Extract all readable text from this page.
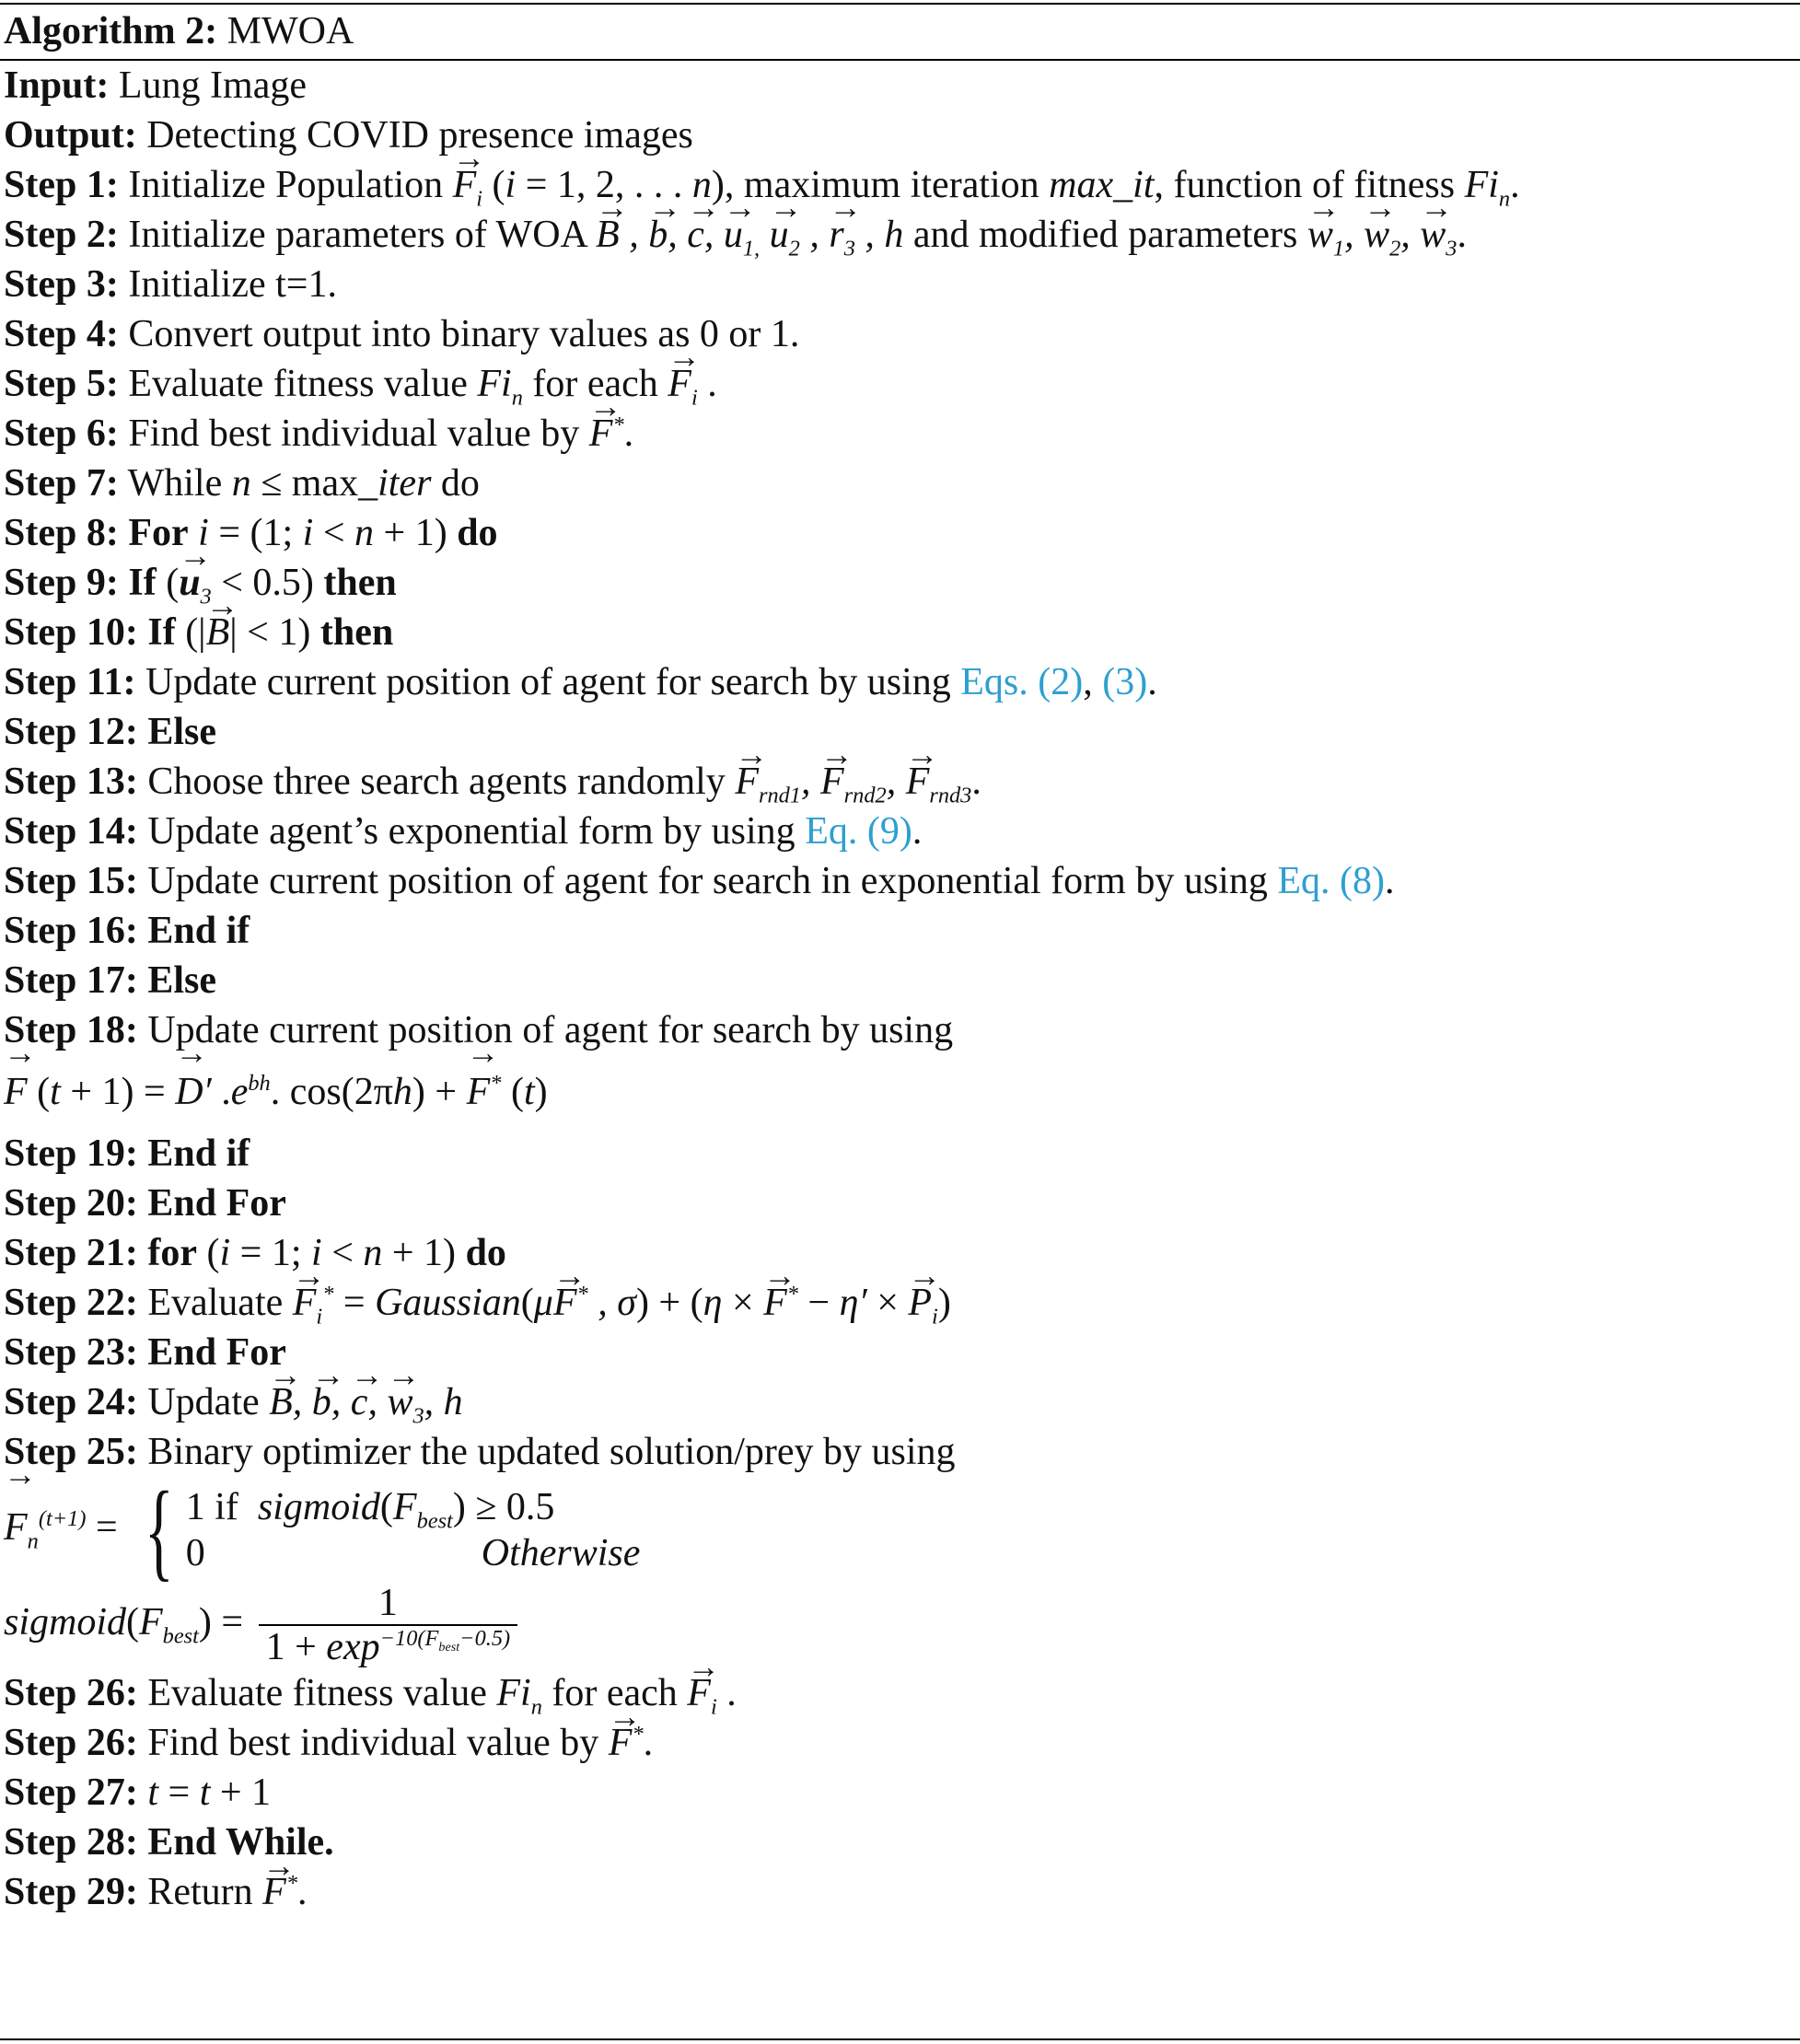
Algorithm 2: MWOA
Input: Lung Image
Output: Detecting COVID presence images
Step 1: Initialize Population $F \to_i$ (i = 1, 2, . . . n), maximum iteration max_it, function of fitness $Fi_n$.
Step 2: Initialize parameters of WOA B → , b →, c →, $u \to_{1,}$ $u \to_2$ , $r \to_3$ , h and modified parameters $w \to_1$, $w \to_2$, $w \to_3$.
Step 3: Initialize t=1.
Step 4: Convert output into binary values as 0 or 1.
Step 5: Evaluate fitness value $Fi_n$ for each $F \to_i$ .
Step 6: Find best individual value by F →*.
Step 7: While n ≤ max_iter do
Step 8: For i = (1; i < n + 1) do
Step 9: If $(u \to_3 < 0.5)$ then
Step 10: If (|B →| < 1) then
Step 11: Update current position of agent for search by using Eqs. (2), (3).
Step 12: Else
Step 13: Choose three search agents randomly $F \to_{rnd1}$, $F \to_{rnd2}$, $F \to_{rnd3}$.
Step 14: Update agent’s exponential form by using Eq. (9).
Step 15: Update current position of agent for search in exponential form by using Eq. (8).
Step 16: End if
Step 17: Else
Step 18: Update current position of agent for search by using
F → (t + 1) = D →′ $.e^{bh}$. cos(2πh) + F →* (t)
Step 19: End if
Step 20: End For
Step 21: for (i = 1; i < n + 1) do
Step 22: Evaluate $F \to_i^*$ = Gaussian(μF →* , $\sigma) + (\eta \times F \to^* - \eta' \times P \to_i)$
Step 23: End For
Step 24: Update B →, b →, c →, $w \to_3$, h
Step 25: Binary optimizer the updated solution/prey by using
$F \to_n^{(t+1)}$ = { 1 if $sigmoid(F_{best}) \ge 0.5$
0	Otherwise
$sigmoid(F_{best}) = \frac{1}{1 + \exp^{-10(F_{best}-0.5)}}$
Step 26: Evaluate fitness value $Fi_n$ for each $F \to_i$ .
Step 26: Find best individual value by F →*.
Step 27: t = t + 1
Step 28: End While.
Step 29: Return F →*.
